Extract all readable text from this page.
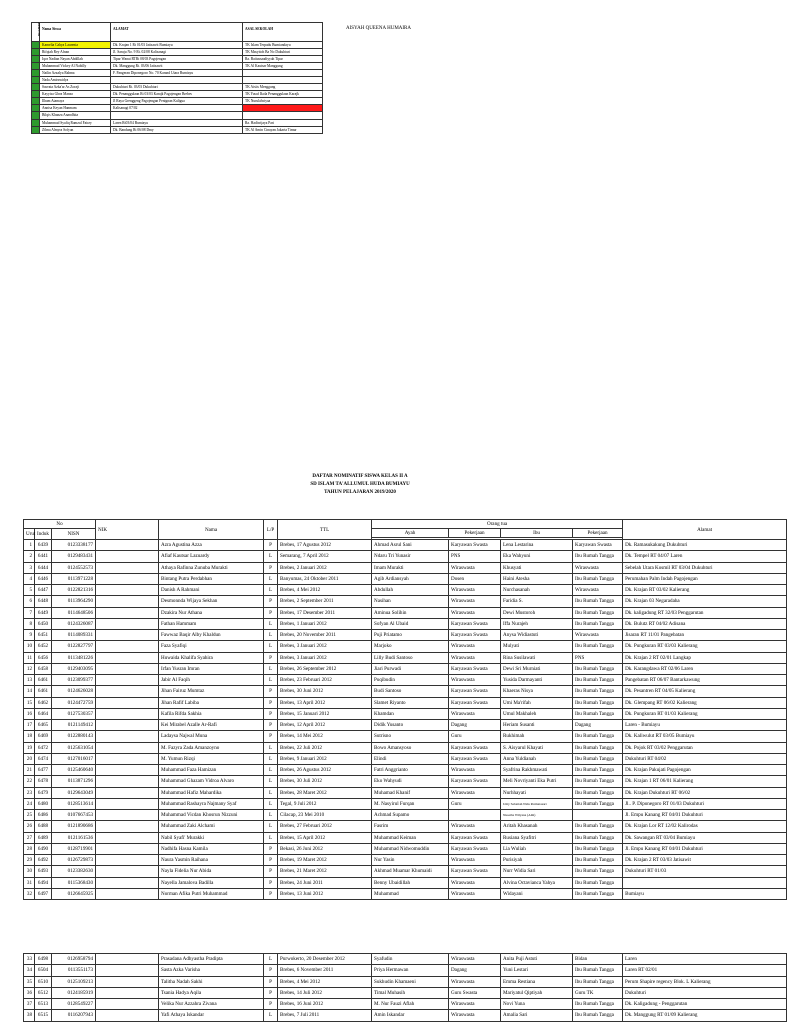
NO URUT	Nama Siswa	ALAMAT	ASAL SEKOLAH
	Kamelia Cahya Laurenia	Dk. Krajan 1 Rt 01/03 Jatisawit Bumiayu	TK Islam Terpadu Bumiandayu
	Rifqiah Rey Afnan	Jl. Saruju No. 9 Rt. 02/08 Kalisanagi	TK Masyitoh Ba No Dukuhturi
	Iqor Nadian Nayan Abdillah	Tipar Wanai RTRt 08/03 Pagojengan	Ra. Baitussaadiyyah Tipar
	Muhammad Vickey Al Nabilly	Dk. Manggung Rt. 03/06 Jatisawit	TK Al Kautsar Manggung
	Nailin Azzalya Rahma	F. Pangeran Diponegoro No. 70 Karand Utara Bumiayu	
	Nada Amirawidya		
	Sasvata Azka'ar As Zoraji	Dukuhturi Rt. 03/03 Dukuhturi	TK Aisiis Menggung
	Kayyisa Ghea Manzo	Dk. Penanggulaan Rt 03/03 Karajk Pagojengan Brebes	TK Yusuf Ikola Penanggulaan Karajk
	Ilham Atamaya	Jl Raya Grenggeng Pagojengan Penignan Kaligua	TK Nurulalwiyaa
	Annisa Keyan Hanmam	Kalisanagi 07/02	TK Nurulalwiyaa
	Bilqis Khanza Anandhita		
	Muhammad Syafiq Ramzul Fairzy	Laren Rt03/04 Bumiayu	Ra. Hadiwijaya Pari
	Zilma Almyra Sofyan	Dk. Bandung Rt 06/08 Dmy	TK Al Amin Cinayan Jakarta Timur
AISYAH QUEENA HUMAIRA
DAFTAR NOMINATIF SISWA KELAS II A
SD ISLAM TA'ALLUMUL HUDA BUMIAYU
TAHUN PELAJARAN 2019/2020
No			NIK	Nama	L/P	TTL	Orang tua				Alamat
Urut	Induk	NISN					Ayah	Pekerjaan	Ibu	Pekerjaan	

1	6439	0123338177		Azra Agustina Azza	P	Brebes, 17 Agustus 2012	Ahmad Asrul Sani	Karyawan Swasta	Lena Lestarina	Karyawan Swasta	Dk. Ramasukakung Dukuhturi
2	6441	0129483431		Afiaf Kautsar Lazuardy	L	Semarang, 7 April 2012	Ndaru Tri Yunasir	PNS	Eka Wahyuni	Ibu Rumah Tangga	Dk. Tempel RT 04/07 Laren
3	6444	0124552573		Athaya Rafinna Zunuba Murakti	P	Brebes, 2 Januari 2012	Imam Murakti	Wiraswasta	Khusyati	Wiraswasta	Sebelah Utara Kosmil RT 03/04 Dukuhturi
4	6446	0113971228		Bintang Putra Perdabhan	L	Banyumas, 24 Oktober 2011	Agib Ardiansyah	Dosen	Haini Atesha	Ibu Rumah Tangga	Perumahan Palm Indah Pagojengan
5	6447	0122821316		Danish A Rahmani	L	Brebes, 4 Mei 2012	Abdullah	Wiraswasta	Nurchasanah	Wiraswasta	Dk. Krajan RT 03/02 Kalierang
6	6448	0113964290		Desmonnda Wijaya Sekhan	P	Brebes, 2 September 2011	Nasihan	Wiraswasta	Faridia S.	Ibu Rumah Tangga	Dk. Krajan 03 Negaradaha
7	6449	0114648506		Dzakira Nur Athana	P	Brebes, 17 Desember 2011	Aminua Solihin	Wiraswasta	Dewi Mustoroh	Ibu Rumah Tangga	Dk. kaligadung RT 32/03 Penggarutan
8	6450	0124326087		Fathan Hammam	L	Brebes, 1 Januari 2012	Sofyan Al Ubaid	Karyawan Swasta	Iffa Nurajeh	Ibu Rumah Tangga	Dk. Bulutz RT 04/02 Adisana
9	6451	0114089331		Fawwaz Baqir Alby Khaldun	L	Brebes, 20 November 2011	Puji Priatamo	Karyawan Swasta	Anysa Widiastuti	Wiraswasta	Jisaran RT 11/01 Pangebatan
10	6452	0122827797		Faza Syafiqi	L	Brebes, 3 Januari 2012	Marjoko	Wiraswasta	Mulyati	Ibu Rumah Tangga	Dk. Pungkuran RT 03/03 Kalierang
11	6456	0113481226		Huwaida Khalifa Syahira	P	Brebes, 3 Januari 2012	Lilly Budi Santoso	Wiraswasta	Rina Susilawati	PNS	Dk. Krajan 2 RT 02/01 Langkap
12	6458	0129403095		Irfan Yusran Imran	L	Brebes, 26 September 2012	Jiari Purwadi	Karyawan Swasta	Dewi Sri Murniati	Ibu Rumah Tangga	Dk. Karangdawa RT 02/06 Laren
13	6461	0123099377		Jabir Al Faqih	L	Brebes, 23 Februari 2012	Puqibudin	Wiraswasta	Yusida Darmayanti	Ibu Rumah Tangga	Pangebatan RT 06/07 Bantarkawung
14	6461	0124626028		Jihan Fairuz Mumtaz	P	Brebes, 30 Juni 2012	Budi Santoso	Karyawan Swasta	Khaeras Nisya	Ibu Rumah Tangga	Dk. Pesantren RT 04/05 Kalierang
15	6462	0124472759		Jihan Rafif Labiba	P	Brebes, 13 April 2012	Slamet Riyanto	Karyawan Swasta	Umi Ma'rifah	Ibu Rumah Tangga	Dk. Glempang RT 06/02 Kalierang
16	6464	0127530357		Kafila Rifda Sakhia	P	Brebes, 15 Januari 2012	Khamdan	Wiraswasta	Umul Makhaleh	Ibu Rumah Tangga	Dk. Pungkuran RT 01/03 Kalierang
17	6465	0121149412		Kei Mirabel Azalle Ar-Rafi	P	Brebes, 12 April 2012	Didik Yusanto	Dagang	Heriam Susanti	Dagang	Laren - Bumiayu
18	6469	0122880143		Ladaysa Najwal Muna	P	Brebes, 14 Mei 2012	Sutrisno	Guru	Rukhimah	Ibu Rumah Tangga	Dk. Kaliwulut RT 03/05 Bumiayu
19	6472	0125631054		M. Fazyra Zada Amanzoyno	L	Brebes, 22 Juli 2012	Bowo Amansyoso	Karyawan Swasta	S. Aisyarul Khayati	Ibu Rumah Tangga	Dk. Pojok RT 03/02 Penggarutan
20	6474	0127016017		M. Yumun Rizqi	L	Brebes, 9 Januari 2012	Elindi	Karyawan Swasta	Anna Yuldianah	Ibu Rumah Tangga	Dukuhturi RT 04/02
21	6477	0125460640		Muhammad Faza Hamizan	L	Brebes, 26 Agustus 2012	Fatri Anggrianto	Wiraswasta	Syafrina Rakhmawati	Ibu Rumah Tangga	Dk. Krajan Pakujati Pagojengan
22	6478	0113871296		Muhammad Ghazam Vidroa Alvaro	L	Brebes, 30 Juli 2012	Eko Wahyudi	Karyawan Swasta	Meli Novriyanti Eka Putri	Ibu Rumah Tangga	Dk. Krajan 1 RT 06/01 Kalierang
23	6479	0129643049		Muhammad Hafiz Mahardika	L	Brebes, 28 Maret 2012	Muhamad Khanif	Wiraswasta	Nurhhayati	Ibu Rumah Tangga	Dk. Krajan Dukuhturi RT 06/02
24	6480	0128513614		Muhammad Rashayra Najmany Syaf	L	Tegal, 9 Juli 2012	M. Nasyirul Furqan	Guru	Umy Sabatiah Nida Permatasari	Ibu Rumah Tangga	Jl.. P. Diponegoro RT 01/03 Dukuhturi
25	6486	0107667453		Muhammad Vicdan Khosrun Nizzuni	L	Cilacap, 23 Mei 2010	Achmad Supamo		Nusaiba Wilyana (Alm)		Jl. Empu Kanang RT 04/01 Dukuhturi
26	6488	0121890686		Muhammad Zaki Alchami	L	Brebes, 27 Februari 2012	Fasrim	Wiraswasta	Aritah Khasanah	Ibu Rumah Tangga	Dk. Krajan Lor RT 12/02 Kalirodas
27	6489	0121161536		Nabil Syafi' Murakki	L	Brebes, 15 April 2012	Muhammad Keiman	Karyawan Swasta	Rusiana Syafitri	Ibu Rumah Tangga	Dk. Sawangan RT 03/04 Bumiayu
28	6490	0128719901		Nadhifa Hasna Kamila	P	Bekasi, 26 Juni 2012	Muhammad Nidwomuddin	Karyawan Swasta	Lia Wuliah	Ibu Rumah Tangga	Jl. Empu Kanang RT 04/01 Dukuhturi
29	6492	0126729873		Naura Yasmin Raihana	P	Brebes, 19 Maret 2012	Nur Yasin	Wiraswasta	Purisiyah	Ibu Rumah Tangga	Dk. Krajan 2 RT 03/03 Jatisawit
30	6493	0123382630		Nayla Fidelia Nur Abida	P	Brebes, 21 Maret 2012	Akhmad Muamar Khumaidi	Karyawan Swasta	Nurr Widia Sari	Ibu Rumah Tangga	Dukuhturi RT 01/03
31	6494	0115368430		Nayella Jamalova Badilla	P	Brebes, 24 Juni 2011	Benny Ubaidillah	Wiraswasta	Alvina Octavianca Yahya	Ibu Rumah Tangga	
32	6497	0126645925		Norman Afika Putri Muhammad	P	Brebes, 13 Juni 2012	Muhammad	Wiraswasta	Widayani	Ibu Rumah Tangga	Bumiayu
33	6498	0126958794		Prasadana Adhyastha Pradipta	L	Purwokerto, 20 Desember 2012	Syafudin	Wiraswasta	Anita Puji Astuti	Bidan	Laren
34	6504	0113551173		Sasta Azka Varisha	P	Brebes, 6 November 2011	Priya Hermawan	Dagang	Yuni Lestari	Ibu Rumah Tangga	Laren RT 02/01
35	6510	0125109213		Talitha Nadah Sakhi	P	Brebes, 4 Mei 2012	Sukhudin Khamaeni	Wiraswasta	Emma Restiana	Ibu Rumah Tangga	Perum Shapire regency Blok. L Kalierang
36	6512	0124185919		Tsania Hadya Aqila	P	Brebes, 14 Juli 2012	Timal Muhasih	Guru Swasta	Mariyatul Qiptiyah	Guru TK	Dukuhturi
37	6513	0128549227		Velika Nur Azzahra Zivana	P	Brebes, 16 Juni 2012	M. Nur Fauzi Aflah	Wiraswasta	Novi Yuna	Ibu Rumah Tangga	Dk. Kaligadung - Penggarutan
38	6515	0116207943		Yafi Athaya Iskandar	L	Brebes, 7 Juli 2011	Amin Iskandar	Wiraswasta	Amalia Sari	Ibu Rumah Tangga	Dk. Manggung RT 01/09 Kalierang
